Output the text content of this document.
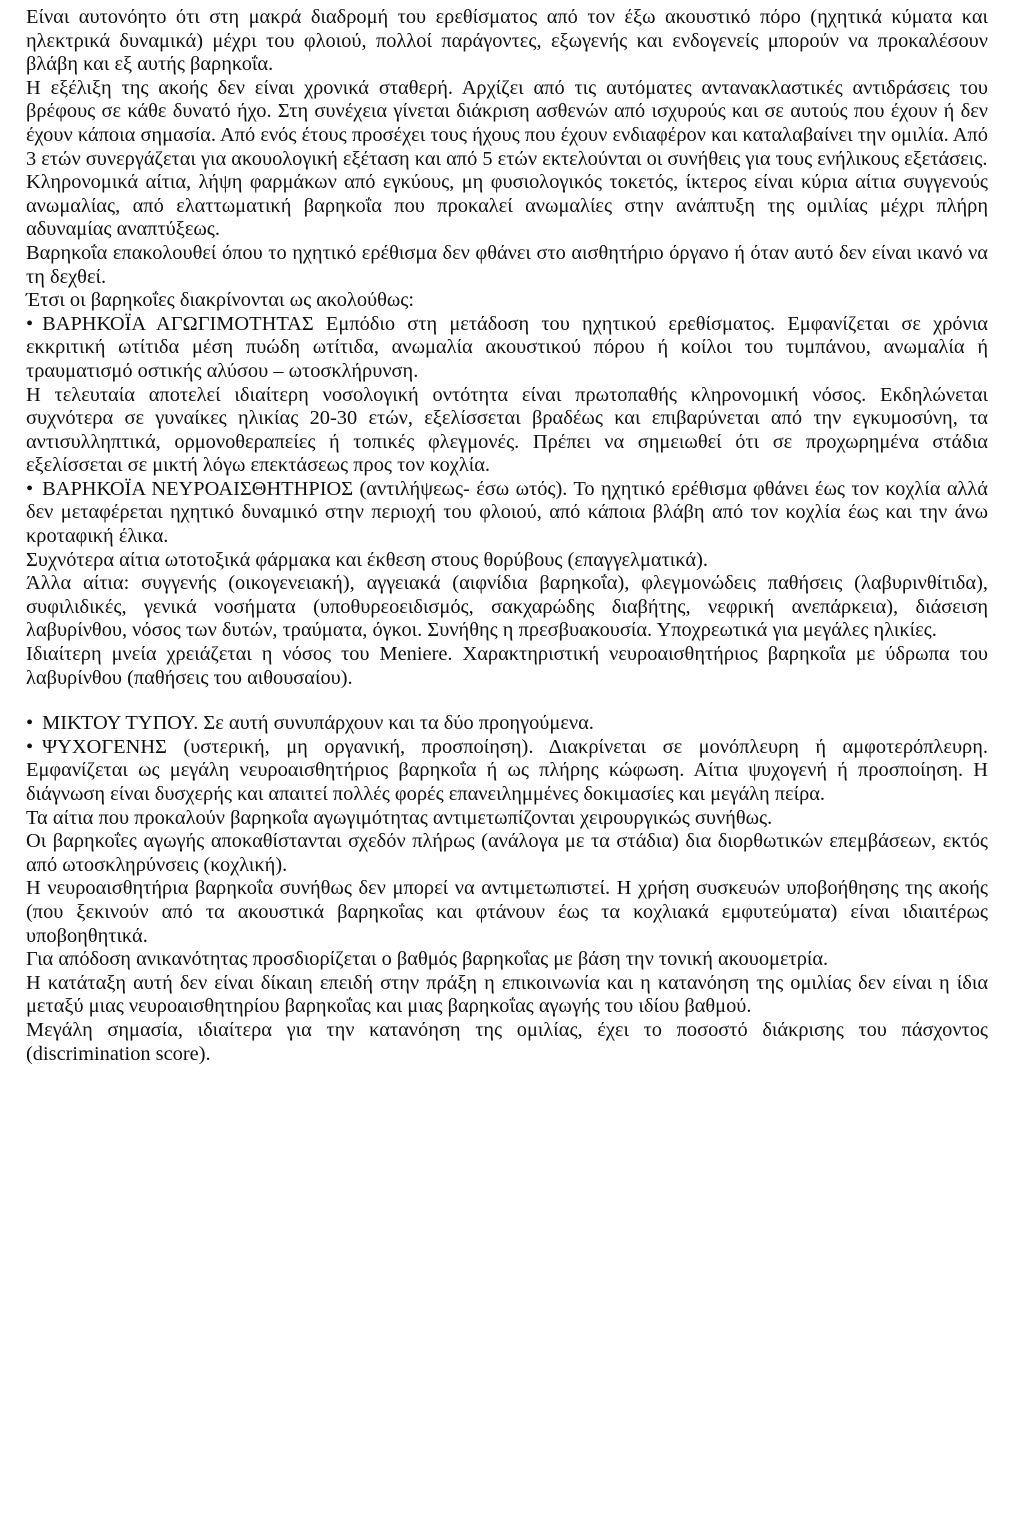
Είναι αυτονόητο ότι στη μακρά διαδρομή του ερεθίσματος από τον έξω ακουστικό πόρο (ηχητικά κύματα και ηλεκτρικά δυναμικά) μέχρι του φλοιού, πολλοί παράγοντες, εξωγενής και ενδογενείς μπορούν να προκαλέσουν βλάβη και εξ αυτής βαρηκοΐα.

Η εξέλιξη της ακοής δεν είναι χρονικά σταθερή. Αρχίζει από τις αυτόματες αντανακλαστικές αντιδράσεις του βρέφους σε κάθε δυνατό ήχο. Στη συνέχεια γίνεται διάκριση ασθενών από ισχυρούς και σε αυτούς που έχουν ή δεν έχουν κάποια σημασία. Από ενός έτους προσέχει τους ήχους που έχουν ενδιαφέρον και καταλαβαίνει την ομιλία. Από 3 ετών συνεργάζεται για ακουολογική εξέταση και από 5 ετών εκτελούνται οι συνήθεις για τους ενήλικους εξετάσεις.

Κληρονομικά αίτια, λήψη φαρμάκων από εγκύους, μη φυσιολογικός τοκετός, ίκτερος είναι κύρια αίτια συγγενούς ανωμαλίας, από ελαττωματική βαρηκοΐα που προκαλεί ανωμαλίες στην ανάπτυξη της ομιλίας μέχρι πλήρη αδυναμίας αναπτύξεως.

Βαρηκοΐα επακολουθεί όπου το ηχητικό ερέθισμα δεν φθάνει στο αισθητήριο όργανο ή όταν αυτό δεν είναι ικανό να τη δεχθεί.

Έτσι οι βαρηκοΐες διακρίνονται ως ακολούθως:

• ΒΑΡΗΚΟΪΑ ΑΓΩΓΙΜΟΤΗΤΑΣ Εμπόδιο στη μετάδοση του ηχητικού ερεθίσματος. Εμφανίζεται σε χρόνια εκκριτική ωτίτιδα μέση πυώδη ωτίτιδα, ανωμαλία ακουστικού πόρου ή κοίλοι του τυμπάνου, ανωμαλία ή τραυματισμό οστικής αλύσου – ωτοσκλήρυνση.

Η τελευταία αποτελεί ιδιαίτερη νοσολογική οντότητα είναι πρωτοπαθής κληρονομική νόσος. Εκδηλώνεται συχνότερα σε γυναίκες ηλικίας 20-30 ετών, εξελίσσεται βραδέως και επιβαρύνεται από την εγκυμοσύνη, τα αντισυλληπτικά, ορμονοθεραπείες ή τοπικές φλεγμονές. Πρέπει να σημειωθεί ότι σε προχωρημένα στάδια εξελίσσεται σε μικτή λόγω επεκτάσεως προς τον κοχλία.

• ΒΑΡΗΚΟΪΑ ΝΕΥΡΟΑΙΣΘΗΤΗΡΙΟΣ (αντιλήψεως- έσω ωτός). Το ηχητικό ερέθισμα φθάνει έως τον κοχλία αλλά δεν μεταφέρεται ηχητικό δυναμικό στην περιοχή του φλοιού, από κάποια βλάβη από τον κοχλία έως και την άνω κροταφική έλικα.

Συχνότερα αίτια ωτοτοξικά φάρμακα και έκθεση στους θορύβους (επαγγελματικά).

Άλλα αίτια: συγγενής (οικογενειακή), αγγειακά (αιφνίδια βαρηκοΐα), φλεγμονώδεις παθήσεις (λαβυρινθίτιδα), συφιλιδικές, γενικά νοσήματα (υποθυρεοειδισμός, σακχαρώδης διαβήτης, νεφρική ανεπάρκεια), διάσειση λαβυρίνθου, νόσος των δυτών, τραύματα, όγκοι. Συνήθης η πρεσβυακουσία. Υποχρεωτικά για μεγάλες ηλικίες.

Ιδιαίτερη μνεία χρειάζεται η νόσος του Meniere. Χαρακτηριστική νευροαισθητήριος βαρηκοΐα με ύδρωπα του λαβυρίνθου (παθήσεις του αιθουσαίου).

• ΜΙΚΤΟΥ ΤΥΠΟΥ. Σε αυτή συνυπάρχουν και τα δύο προηγούμενα.

• ΨΥΧΟΓΕΝΗΣ (υστερική, μη οργανική, προσποίηση). Διακρίνεται σε μονόπλευρη ή αμφοτερόπλευρη. Εμφανίζεται ως μεγάλη νευροαισθητήριος βαρηκοΐα ή ως πλήρης κώφωση. Αίτια ψυχογενή ή προσποίηση. Η διάγνωση είναι δυσχερής και απαιτεί πολλές φορές επανειλημμένες δοκιμασίες και μεγάλη πείρα.

Τα αίτια που προκαλούν βαρηκοΐα αγωγιμότητας αντιμετωπίζονται χειρουργικώς συνήθως.

Οι βαρηκοΐες αγωγής αποκαθίστανται σχεδόν πλήρως (ανάλογα με τα στάδια) δια διορθωτικών επεμβάσεων, εκτός από ωτοσκληρύνσεις (κοχλική).

Η νευροαισθητήρια βαρηκοΐα συνήθως δεν μπορεί να αντιμετωπιστεί. Η χρήση συσκευών υποβοήθησης της ακοής (που ξεκινούν από τα ακουστικά βαρηκοΐας και φτάνουν έως τα κοχλιακά εμφυτεύματα) είναι ιδιαιτέρως υποβοηθητικά.

Για απόδοση ανικανότητας προσδιορίζεται ο βαθμός βαρηκοΐας με βάση την τονική ακουομετρία.

Η κατάταξη αυτή δεν είναι δίκαιη επειδή στην πράξη η επικοινωνία και η κατανόηση της ομιλίας δεν είναι η ίδια μεταξύ μιας νευροαισθητηρίου βαρηκοΐας και μιας βαρηκοΐας αγωγής του ιδίου βαθμού.

Μεγάλη σημασία, ιδιαίτερα για την κατανόηση της ομιλίας, έχει το ποσοστό διάκρισης του πάσχοντος (discrimination score).
